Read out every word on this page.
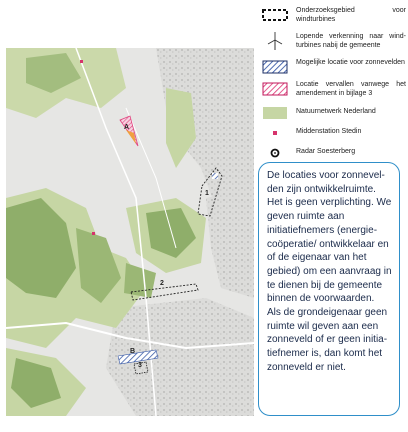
A
1
2
B
3
Onderzoeksgebied voor windturbines
Lopende verkenning naar wind-turbines nabij de gemeente
Mogelijke locatie voor zonnevelden
Locatie vervallen vanwege het amendement in bijlage 3
Natuurnetwerk Nederland
Middenstation Stedin
Radar Soesterberg

De locaties voor zonnevel-den zijn ontwikkelruimte. Het is geen verplichting. We geven ruimte aan initiatiefnemers (energie-coöperatie/ ontwikkelaar en of de eigenaar van het gebied) om een aanvraag in te dienen bij de gemeente binnen de voorwaarden.
Als de grondeigenaar geen ruimte wil geven aan een zonneveld of er geen initia-tiefnemer is, dan komt het zonneveld er niet.
